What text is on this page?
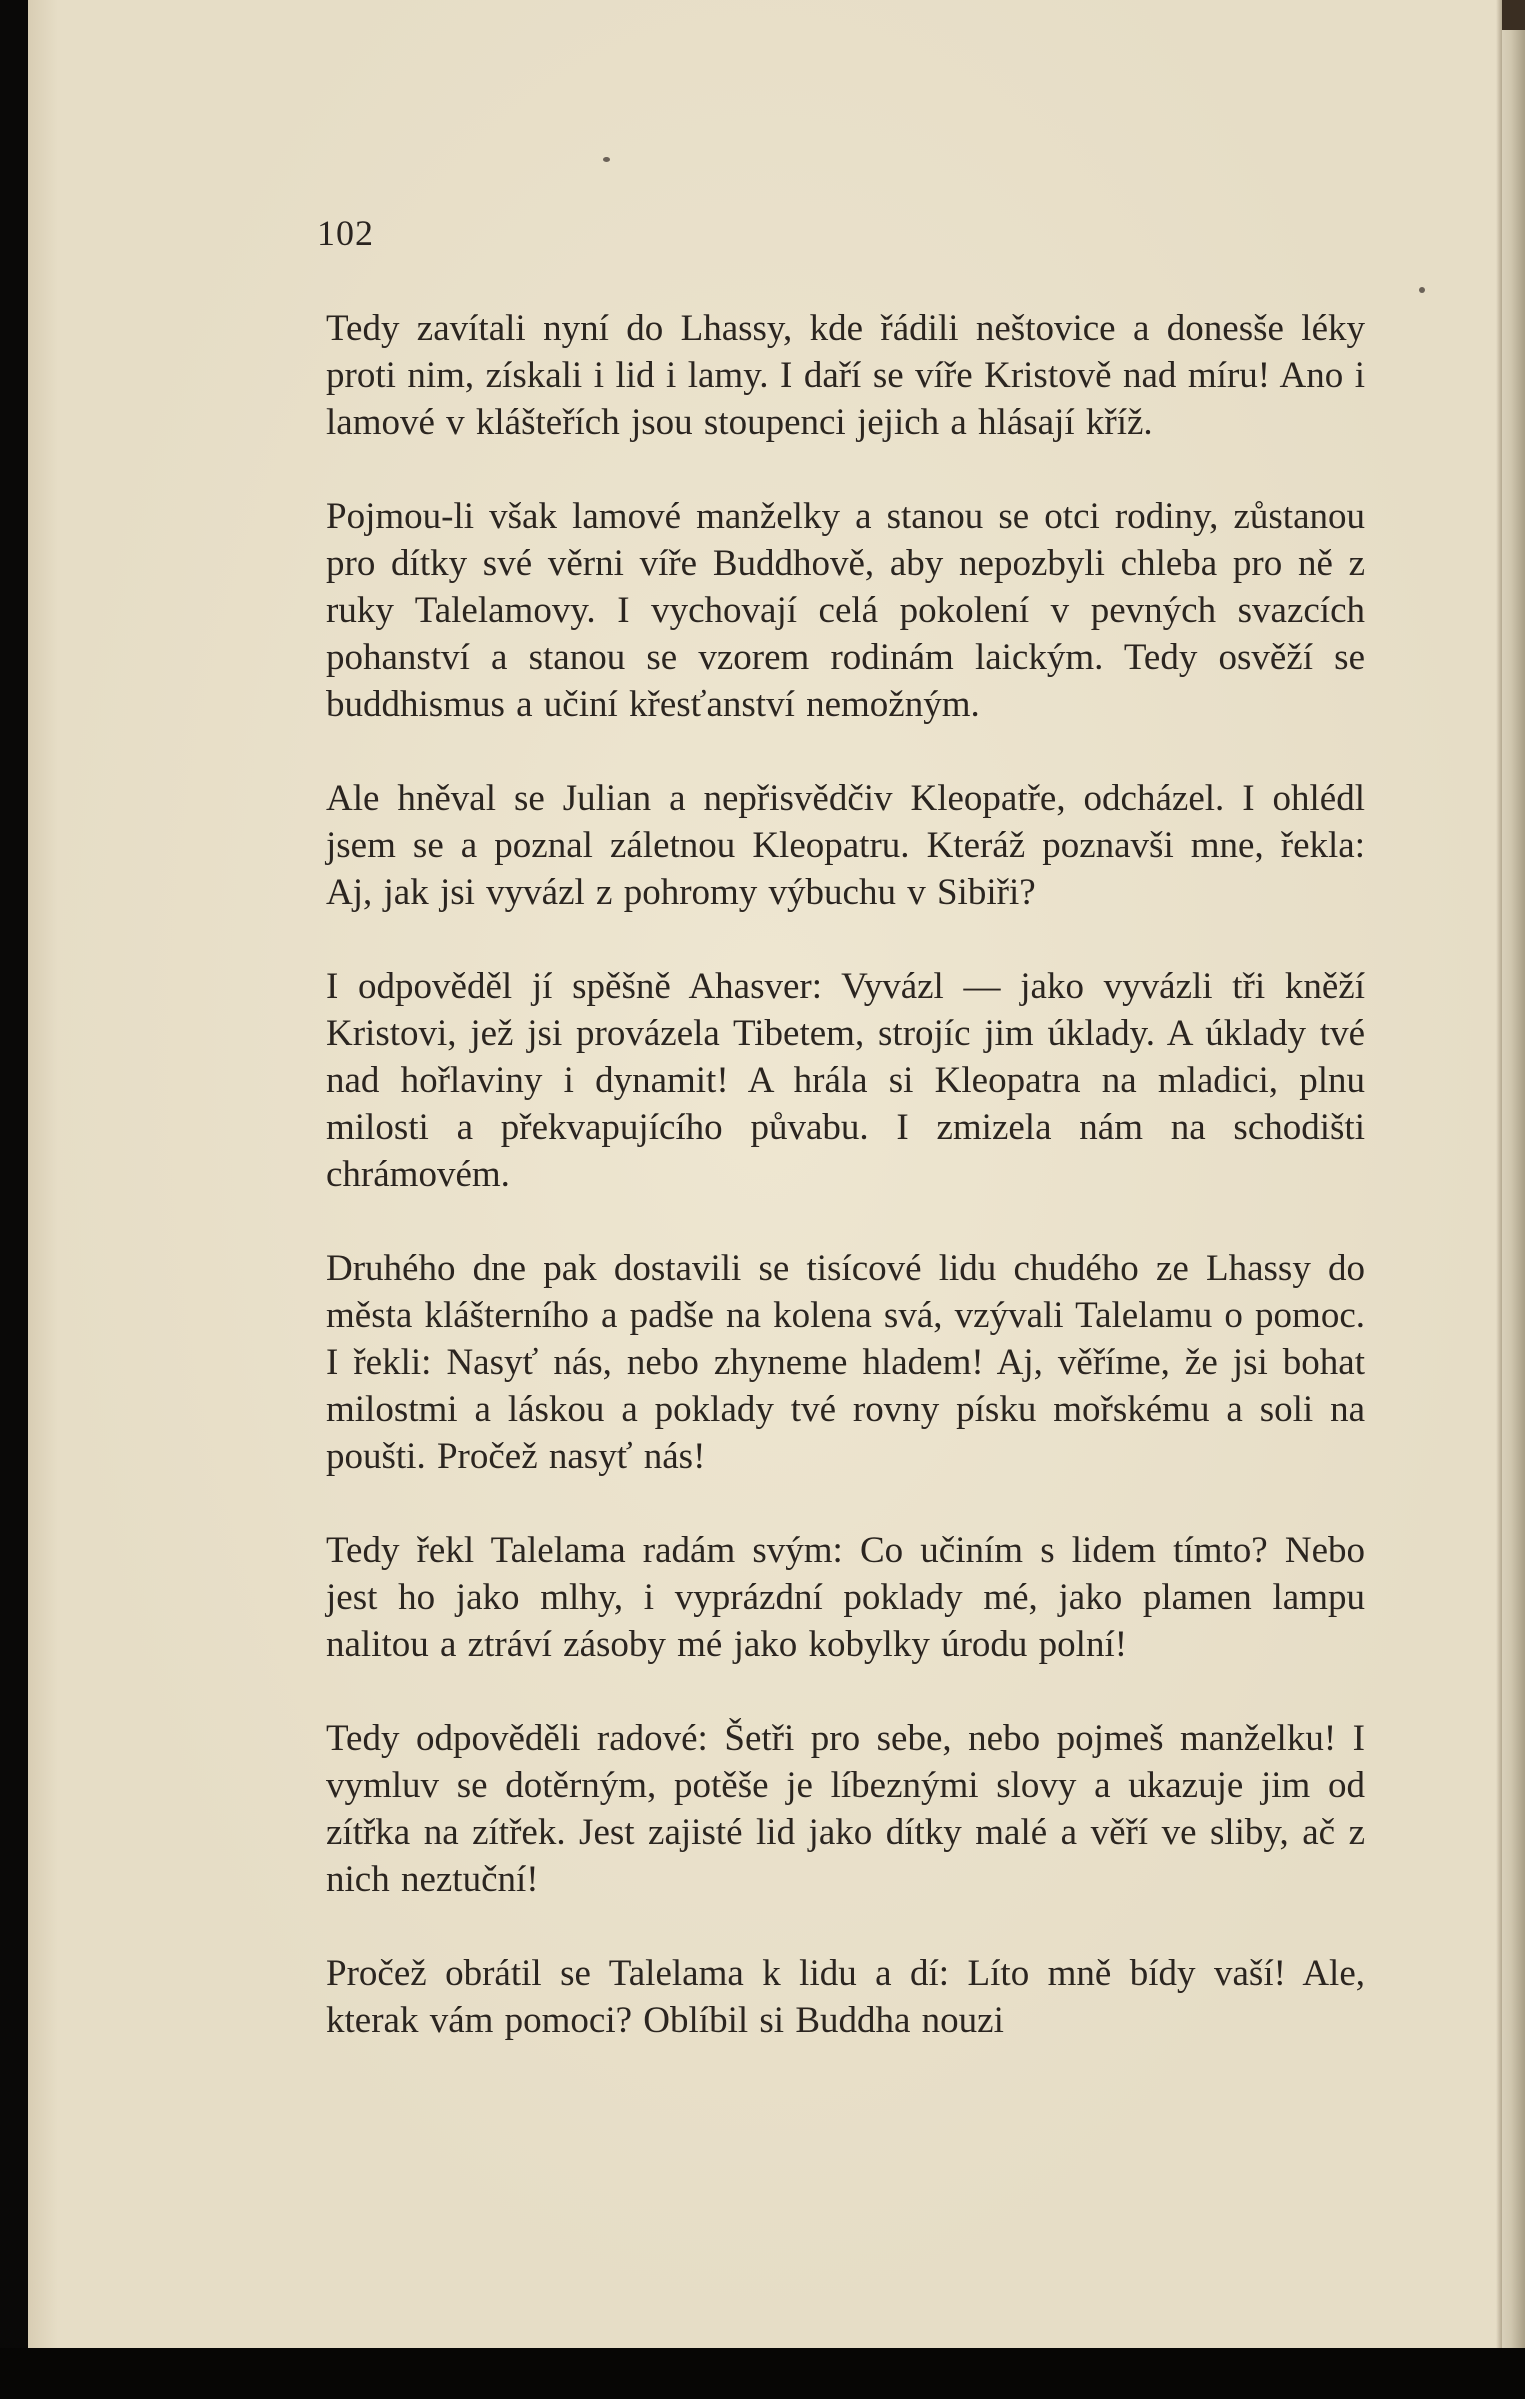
102

Tedy zavítali nyní do Lhassy, kde řádili neštovice a donesše léky proti nim, získali i lid i lamy. I daří se víře Kristově nad míru! Ano i lamové v klášteřích jsou stoupenci jejich a hlásají kříž.

Pojmou-li však lamové manželky a stanou se otci rodiny, zůstanou pro dítky své věrni víře Buddhově, aby nepozbyli chleba pro ně z ruky Talelamovy. I vychovají celá pokolení v pevných svazcích pohanství a stanou se vzorem rodinám laickým. Tedy osvěží se buddhismus a učiní křesťanství nemožným.

Ale hněval se Julian a nepřisvědčiv Kleopatře, odcházel. I ohlédl jsem se a poznal záletnou Kleopatru. Kteráž poznavši mne, řekla: Aj, jak jsi vyvázl z pohromy výbuchu v Sibiři?

I odpověděl jí spěšně Ahasver: Vyvázl — jako vyvázli tři kněží Kristovi, jež jsi provázela Tibetem, strojíc jim úklady. A úklady tvé nad hořlaviny i dynamit! A hrála si Kleopatra na mladici, plnu milosti a překvapujícího půvabu. I zmizela nám na schodišti chrámovém.

Druhého dne pak dostavili se tisícové lidu chudého ze Lhassy do města klášterního a padše na kolena svá, vzývali Talelamu o pomoc. I řekli: Nasyť nás, nebo zhyneme hladem! Aj, věříme, že jsi bohat milostmi a láskou a poklady tvé rovny písku mořskému a soli na poušti. Pročež nasyť nás!

Tedy řekl Talelama radám svým: Co učiním s lidem tímto? Nebo jest ho jako mlhy, i vyprázdní poklady mé, jako plamen lampu nalitou a ztráví zásoby mé jako kobylky úrodu polní!

Tedy odpověděli radové: Šetři pro sebe, nebo pojmeš manželku! I vymluv se dotěrným, potěše je líbeznými slovy a ukazuje jim od zítřka na zítřek. Jest zajisté lid jako dítky malé a věří ve sliby, ač z nich neztuční!

Pročež obrátil se Talelama k lidu a dí: Líto mně bídy vaší! Ale, kterak vám pomoci? Oblíbil si Buddha nouzi
